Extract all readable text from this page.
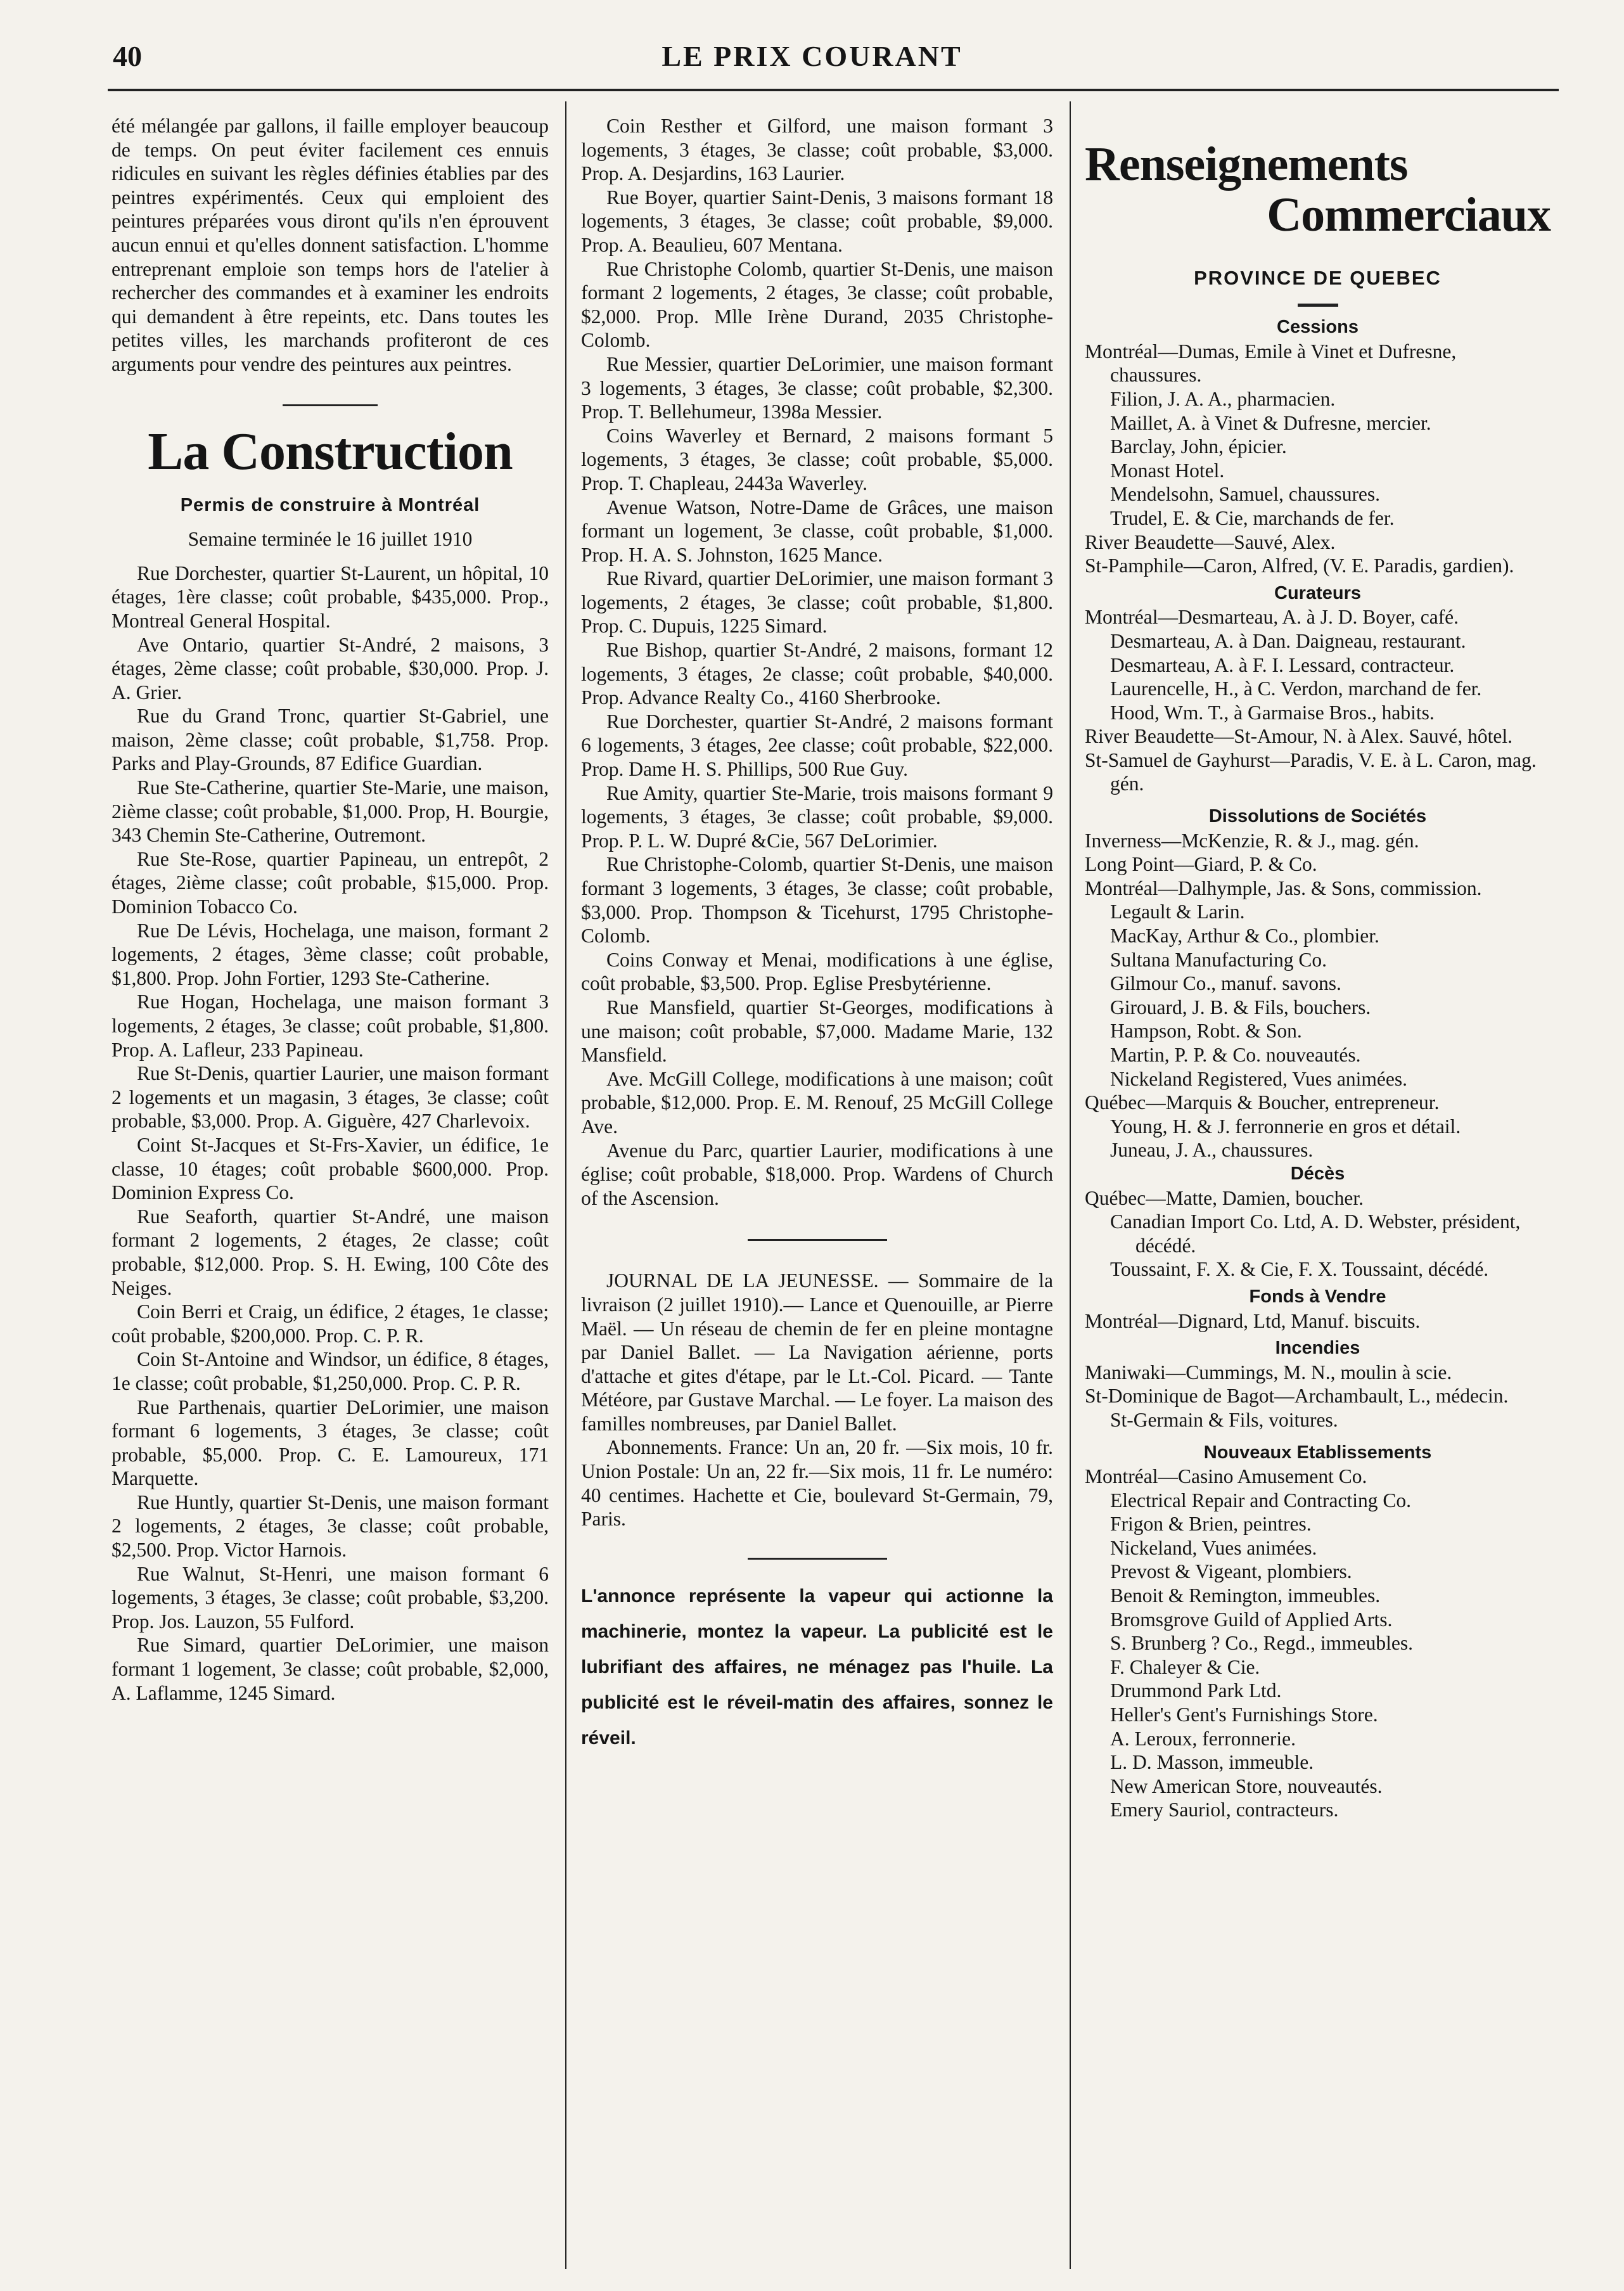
40	LE PRIX COURANT

été mélangée par gallons, il faille employer beaucoup de temps. On peut éviter facilement ces ennuis ridicules en suivant les règles définies établies par des peintres expérimentés. Ceux qui emploient des peintures préparées vous diront qu'ils n'en éprouvent aucun ennui et qu'elles donnent satisfaction. L'homme entreprenant emploie son temps hors de l'atelier à rechercher des commandes et à examiner les endroits qui demandent à être repeints, etc. Dans toutes les petites villes, les marchands profiteront de ces arguments pour vendre des peintures aux peintres.

La Construction
Permis de construire à Montréal
Semaine terminée le 16 juillet 1910

Rue Dorchester, quartier St-Laurent, un hôpital, 10 étages, 1ère classe; coût probable, $435,000. Prop., Montreal General Hospital.

Ave Ontario, quartier St-André, 2 maisons, 3 étages, 2ème classe; coût probable, $30,000. Prop. J. A. Grier.

Rue du Grand Tronc, quartier St-Gabriel, une maison, 2ème classe; coût probable, $1,758. Prop. Parks and Play-Grounds, 87 Edifice Guardian.

Rue Ste-Catherine, quartier Ste-Marie, une maison, 2ième classe; coût probable, $1,000. Prop, H. Bourgie, 343 Chemin Ste-Catherine, Outremont.

Rue Ste-Rose, quartier Papineau, un entrepôt, 2 étages, 2ième classe; coût probable, $15,000. Prop. Dominion Tobacco Co.

Rue De Lévis, Hochelaga, une maison, formant 2 logements, 2 étages, 3ème classe; coût probable, $1,800. Prop. John Fortier, 1293 Ste-Catherine.

Rue Hogan, Hochelaga, une maison formant 3 logements, 2 étages, 3e classe; coût probable, $1,800. Prop. A. Lafleur, 233 Papineau.

Rue St-Denis, quartier Laurier, une maison formant 2 logements et un magasin, 3 étages, 3e classe; coût probable, $3,000. Prop. A. Giguère, 427 Charlevoix.

Coint St-Jacques et St-Frs-Xavier, un édifice, 1e classe, 10 étages; coût probable $600,000. Prop. Dominion Express Co.

Rue Seaforth, quartier St-André, une maison formant 2 logements, 2 étages, 2e classe; coût probable, $12,000. Prop. S. H. Ewing, 100 Côte des Neiges.

Coin Berri et Craig, un édifice, 2 étages, 1e classe; coût probable, $200,000. Prop. C. P. R.

Coin St-Antoine and Windsor, un édifice, 8 étages, 1e classe; coût probable, $1,250,000. Prop. C. P. R.

Rue Parthenais, quartier DeLorimier, une maison formant 6 logements, 3 étages, 3e classe; coût probable, $5,000. Prop. C. E. Lamoureux, 171 Marquette.

Rue Huntly, quartier St-Denis, une maison formant 2 logements, 2 étages, 3e classe; coût probable, $2,500. Prop. Victor Harnois.

Rue Walnut, St-Henri, une maison formant 6 logements, 3 étages, 3e classe; coût probable, $3,200. Prop. Jos. Lauzon, 55 Fulford.

Rue Simard, quartier DeLorimier, une maison formant 1 logement, 3e classe; coût probable, $2,000, A. Laflamme, 1245 Simard.

Coin Resther et Gilford, une maison formant 3 logements, 3 étages, 3e classe; coût probable, $3,000. Prop. A. Desjardins, 163 Laurier.

Rue Boyer, quartier Saint-Denis, 3 maisons formant 18 logements, 3 étages, 3e classe; coût probable, $9,000. Prop. A. Beaulieu, 607 Mentana.

Rue Christophe Colomb, quartier St-Denis, une maison formant 2 logements, 2 étages, 3e classe; coût probable, $2,000. Prop. Mlle Irène Durand, 2035 Christophe-Colomb.

Rue Messier, quartier DeLorimier, une maison formant 3 logements, 3 étages, 3e classe; coût probable, $2,300. Prop. T. Bellehumeur, 1398a Messier.

Coins Waverley et Bernard, 2 maisons formant 5 logements, 3 étages, 3e classe; coût probable, $5,000. Prop. T. Chapleau, 2443a Waverley.

Avenue Watson, Notre-Dame de Grâces, une maison formant un logement, 3e classe, coût probable, $1,000. Prop. H. A. S. Johnston, 1625 Mance.

Rue Rivard, quartier DeLorimier, une maison formant 3 logements, 2 étages, 3e classe; coût probable, $1,800. Prop. C. Dupuis, 1225 Simard.

Rue Bishop, quartier St-André, 2 maisons, formant 12 logements, 3 étages, 2e classe; coût probable, $40,000. Prop. Advance Realty Co., 4160 Sherbrooke.

Rue Dorchester, quartier St-André, 2 maisons formant 6 logements, 3 étages, 2ee classe; coût probable, $22,000. Prop. Dame H. S. Phillips, 500 Rue Guy.

Rue Amity, quartier Ste-Marie, trois maisons formant 9 logements, 3 étages, 3e classe; coût probable, $9,000. Prop. P. L. W. Dupré &Cie, 567 DeLorimier.

Rue Christophe-Colomb, quartier St-Denis, une maison formant 3 logements, 3 étages, 3e classe; coût probable, $3,000. Prop. Thompson & Ticehurst, 1795 Christophe-Colomb.

Coins Conway et Menai, modifications à une église, coût probable, $3,500. Prop. Eglise Presbytérienne.

Rue Mansfield, quartier St-Georges, modifications à une maison; coût probable, $7,000. Madame Marie, 132 Mansfield.

Ave. McGill College, modifications à une maison; coût probable, $12,000. Prop. E. M. Renouf, 25 McGill College Ave.

Avenue du Parc, quartier Laurier, modifications à une église; coût probable, $18,000. Prop. Wardens of Church of the Ascension.

JOURNAL DE LA JEUNESSE. — Sommaire de la livraison (2 juillet 1910).— Lance et Quenouille, ar Pierre Maël. — Un réseau de chemin de fer en pleine montagne par Daniel Ballet. — La Navigation aérienne, ports d'attache et gites d'étape, par le Lt.-Col. Picard. — Tante Météore, par Gustave Marchal. — Le foyer. La maison des familles nombreuses, par Daniel Ballet.

Abonnements. France: Un an, 20 fr. —Six mois, 10 fr. Union Postale: Un an, 22 fr.—Six mois, 11 fr. Le numéro: 40 centimes. Hachette et Cie, boulevard St-Germain, 79, Paris.

L'annonce représente la vapeur qui actionne la machinerie, montez la vapeur. La publicité est le lubrifiant des affaires, ne ménagez pas l'huile. La publicité est le réveil-matin des affaires, sonnez le réveil.

Renseignements
Commerciaux
PROVINCE DE QUEBEC
Cessions

Montréal—Dumas, Emile à Vinet et Dufresne, chaussures.

Filion, J. A. A., pharmacien.
Maillet, A. à Vinet & Dufresne, mercier.
Barclay, John, épicier.
Monast Hotel.
Mendelsohn, Samuel, chaussures.
Trudel, E. & Cie, marchands de fer.

River Beaudette—Sauvé, Alex.

St-Pamphile—Caron, Alfred, (V. E. Paradis, gardien).

Curateurs

Montréal—Desmarteau, A. à J. D. Boyer, café.

Desmarteau, A. à Dan. Daigneau, restaurant.
Desmarteau, A. à F. I. Lessard, contracteur.
Laurencelle, H., à C. Verdon, marchand de fer.
Hood, Wm. T., à Garmaise Bros., habits.

River Beaudette—St-Amour, N. à Alex. Sauvé, hôtel.

St-Samuel de Gayhurst—Paradis, V. E. à L. Caron, mag. gén.

Dissolutions de Sociétés

Inverness—McKenzie, R. & J., mag. gén.

Long Point—Giard, P. & Co.

Montréal—Dalhymple, Jas. & Sons, commission.

Legault & Larin.
MacKay, Arthur & Co., plombier.
Sultana Manufacturing Co.
Gilmour Co., manuf. savons.
Girouard, J. B. & Fils, bouchers.
Hampson, Robt. & Son.
Martin, P. P. & Co. nouveautés.
Nickeland Registered, Vues animées.

Québec—Marquis & Boucher, entrepreneur.

Young, H. & J. ferronnerie en gros et détail.
Juneau, J. A., chaussures.
Décès

Québec—Matte, Damien, boucher.

Canadian Import Co. Ltd, A. D. Webster, président, décédé.
Toussaint, F. X. & Cie, F. X. Toussaint, décédé.
Fonds à Vendre

Montréal—Dignard, Ltd, Manuf. biscuits.

Incendies

Maniwaki—Cummings, M. N., moulin à scie.

St-Dominique de Bagot—Archambault, L., médecin.

St-Germain & Fils, voitures.
Nouveaux Etablissements

Montréal—Casino Amusement Co.

Electrical Repair and Contracting Co.
Frigon & Brien, peintres.
Nickeland, Vues animées.
Prevost & Vigeant, plombiers.
Benoit & Remington, immeubles.
Bromsgrove Guild of Applied Arts.
S. Brunberg ? Co., Regd., immeubles.
F. Chaleyer & Cie.
Drummond Park Ltd.
Heller's Gent's Furnishings Store.
A. Leroux, ferronnerie.
L. D. Masson, immeuble.
New American Store, nouveautés.
Emery Sauriol, contracteurs.
